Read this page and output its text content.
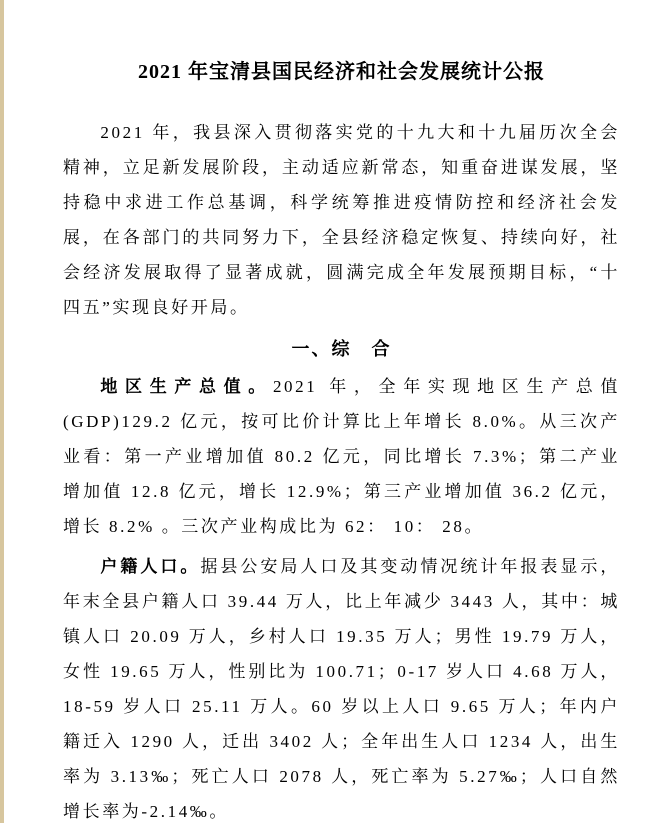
2021 年宝清县国民经济和社会发展统计公报

2021 年，我县深入贯彻落实党的十九大和十九届历次全会精神，立足新发展阶段，主动适应新常态，知重奋进谋发展，坚持稳中求进工作总基调，科学统筹推进疫情防控和经济社会发展，在各部门的共同努力下，全县经济稳定恢复、持续向好，社会经济发展取得了显著成就，圆满完成全年发展预期目标，“十四五”实现良好开局。

一、综　合

地区生产总值。2021 年，全年实现地区生产总值(GDP)129.2 亿元，按可比价计算比上年增长 8.0%。从三次产业看：第一产业增加值 80.2 亿元，同比增长 7.3%；第二产业增加值 12.8 亿元，增长 12.9%；第三产业增加值 36.2 亿元，增长 8.2% 。三次产业构成比为 62： 10： 28。

户籍人口。据县公安局人口及其变动情况统计年报表显示，年末全县户籍人口 39.44 万人，比上年减少 3443 人，其中：城镇人口 20.09 万人，乡村人口 19.35 万人；男性 19.79 万人，女性 19.65 万人，性别比为 100.71；0-17 岁人口 4.68 万人，18-59 岁人口 25.11 万人。60 岁以上人口 9.65 万人；年内户籍迁入 1290 人，迁出 3402 人；全年出生人口 1234 人，出生率为 3.13‰；死亡人口 2078 人，死亡率为 5.27‰；人口自然增长率为-2.14‰。
